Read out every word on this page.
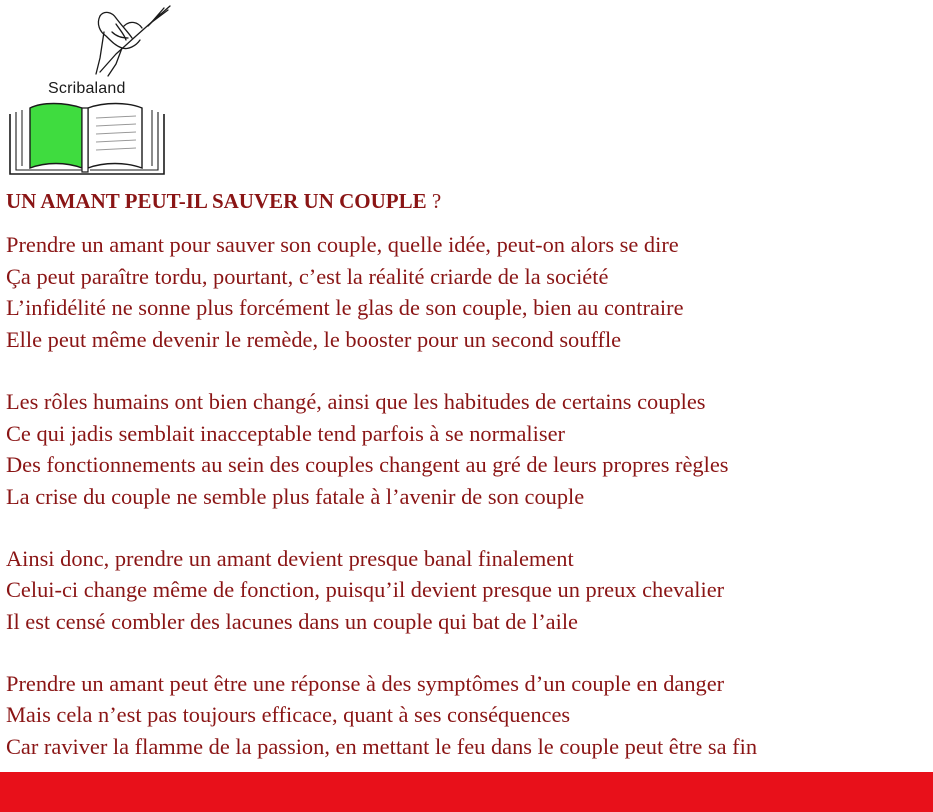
Scribaland
UN AMANT PEUT-IL SAUVER UN COUPLE ?
Prendre un amant pour sauver son couple, quelle idée, peut-on alors se dire
Ça peut paraître tordu, pourtant, c’est la réalité criarde de la société
L’infidélité ne sonne plus forcément le glas de son couple, bien au contraire
Elle peut même devenir le remède, le booster pour un second souffle
Les rôles humains ont bien changé, ainsi que les habitudes de certains couples
Ce qui jadis semblait inacceptable tend parfois à se normaliser
Des fonctionnements au sein des couples changent au gré de leurs propres règles
La crise du couple ne semble plus fatale à l’avenir de son couple
Ainsi donc, prendre un amant devient presque banal finalement
Celui-ci change même de fonction, puisqu’il devient presque un preux chevalier
Il est censé combler des lacunes dans un couple qui bat de l’aile
Prendre un amant peut être une réponse à des symptômes d’un couple en danger
Mais cela n’est pas toujours efficace, quant à ses conséquences
Car raviver la flamme de la passion, en mettant le feu dans le couple peut être sa fin
